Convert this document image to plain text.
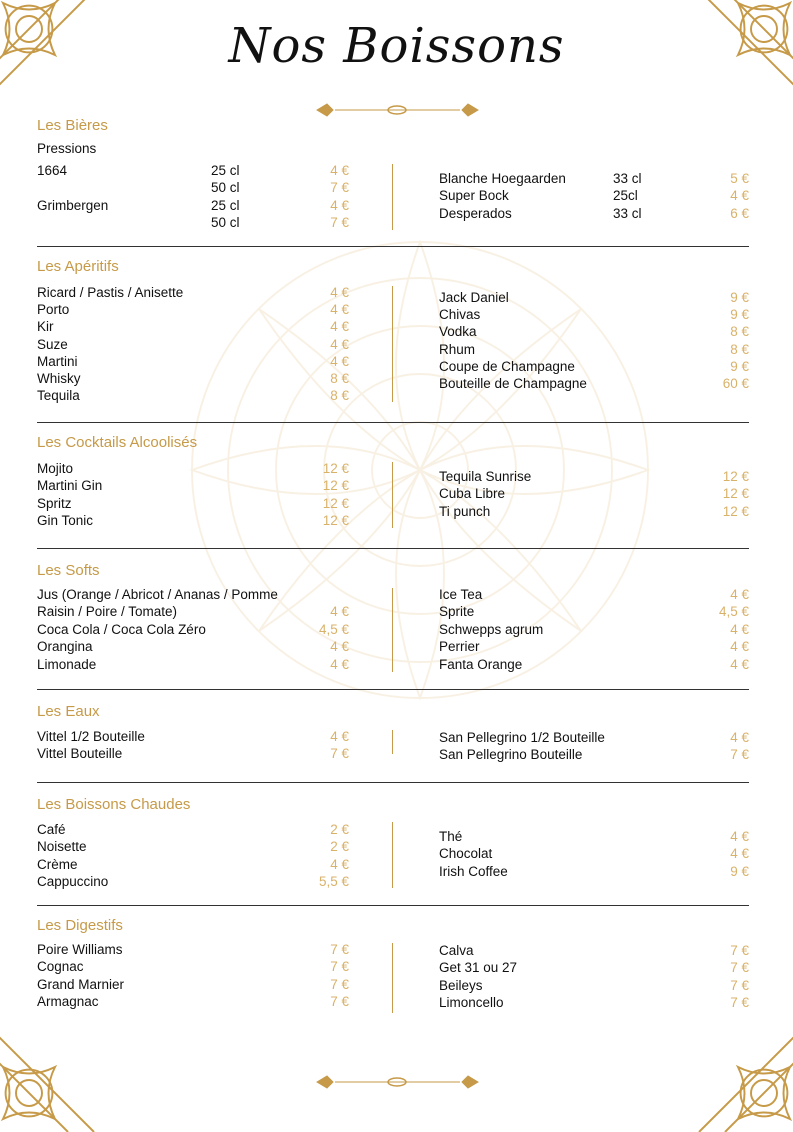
Nos Boissons
Les Bières
Pressions
1664	25 cl	4 €
50 cl	7 €
Grimbergen	25 cl	4 €
50 cl	7 €
Blanche Hoegaarden	33 cl	5 €
Super Bock	25cl	4 €
Desperados	33 cl	6 €
Les Apéritifs
Ricard / Pastis / Anisette	4 €
Porto	4 €
Kir	4 €
Suze	4 €
Martini	4 €
Whisky	8 €
Tequila	8 €
Jack Daniel	9 €
Chivas	9 €
Vodka	8 €
Rhum	8 €
Coupe de Champagne	9 €
Bouteille de Champagne	60 €
Les Cocktails Alcoolisés
Mojito	12 €
Martini Gin	12 €
Spritz	12 €
Gin Tonic	12 €
Tequila Sunrise	12 €
Cuba Libre	12 €
Ti punch	12 €
Les Softs
Jus (Orange / Abricot / Ananas / Pomme
Raisin / Poire / Tomate)	4 €
Coca Cola / Coca Cola Zéro	4,5 €
Orangina	4 €
Limonade	4 €
Ice Tea	4 €
Sprite	4,5 €
Schwepps agrum	4 €
Perrier	4 €
Fanta Orange	4 €
Les Eaux
Vittel 1/2 Bouteille	4 €
Vittel Bouteille	7 €
San Pellegrino 1/2 Bouteille	4 €
San Pellegrino Bouteille	7 €
Les Boissons Chaudes
Café	2 €
Noisette	2 €
Crème	4 €
Cappuccino	5,5 €
Thé	4 €
Chocolat	4 €
Irish Coffee	9 €
Les Digestifs
Poire Williams	7 €
Cognac	7 €
Grand Marnier	7 €
Armagnac	7 €
Calva	7 €
Get 31 ou 27	7 €
Beileys	7 €
Limoncello	7 €
